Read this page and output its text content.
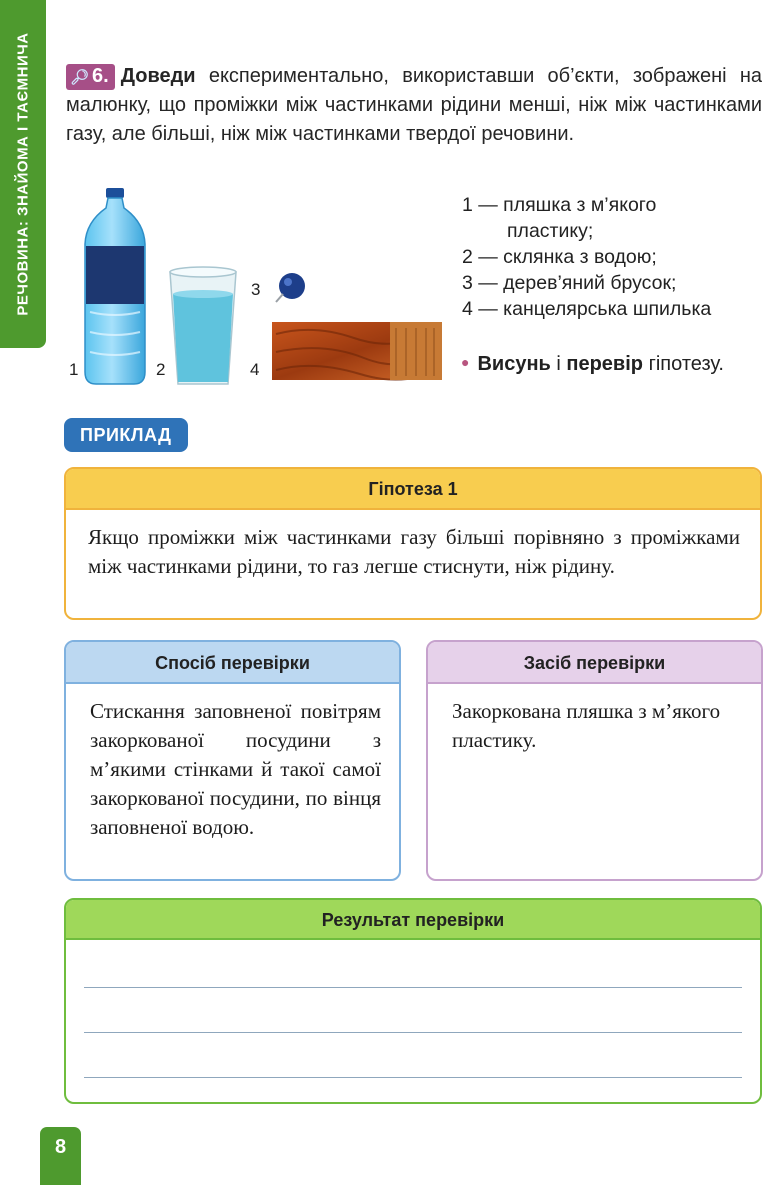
РЕЧОВИНА: ЗНАЙОМА І ТАЄМНИЧА	🔎︎ 6. Доведи експериментально, використавши об’єкти, зображені на малюнку, що проміжки між частинками рідини менші, ніж між частинками газу, але більші, ніж між частинками твердої речовини.
1	2
3
4
1 — пляшка з м’якого
пластику;
2 — склянка з водою;
3 — дерев’яний брусок;
4 — канцелярська шпилька
● Висунь і перевір гіпотезу.
ПРИКЛАД
Гіпотеза 1
Якщо проміжки між частинками газу більші порівняно з проміжками між частинками рідини, то газ легше стиснути, ніж рідину.
Спосіб перевірки
Стискання заповненої повітрям закоркованої посудини з м’якими стінками й такої самої закоркованої посудини, по вінця заповненої водою.
Засіб перевірки
Закоркована пляшка з м’якого пластику.
Результат перевірки
8
